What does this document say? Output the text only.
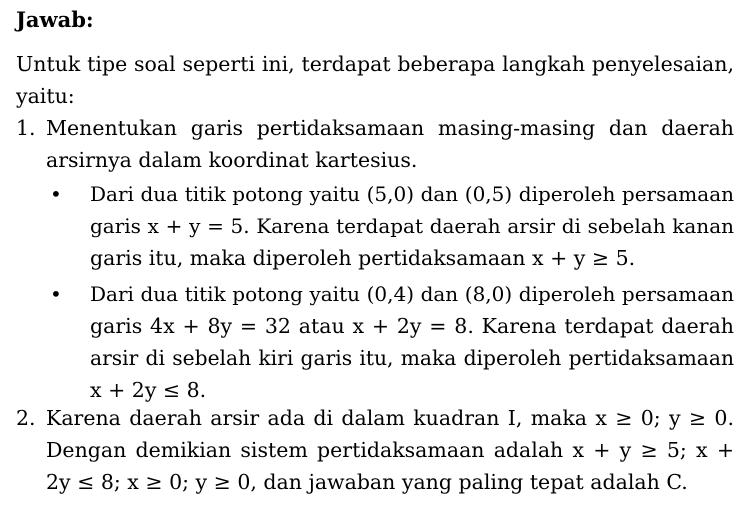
Jawab:
Untuk tipe soal seperti ini, terdapat beberapa langkah penyelesaian,
yaitu:
1. Menentukan garis pertidaksamaan masing-masing dan daerah
arsirnya dalam koordinat kartesius.
• Dari dua titik potong yaitu (5,0) dan (0,5) diperoleh persamaan
garis x + y = 5. Karena terdapat daerah arsir di sebelah kanan
garis itu, maka diperoleh pertidaksamaan x + y ≥ 5.
• Dari dua titik potong yaitu (0,4) dan (8,0) diperoleh persamaan
garis 4x + 8y = 32 atau x + 2y = 8. Karena terdapat daerah
arsir di sebelah kiri garis itu, maka diperoleh pertidaksamaan
x + 2y ≤ 8.
2. Karena daerah arsir ada di dalam kuadran I, maka x ≥ 0; y ≥ 0.
Dengan demikian sistem pertidaksamaan adalah x + y ≥ 5; x +
2y ≤ 8; x ≥ 0; y ≥ 0, dan jawaban yang paling tepat adalah C.
